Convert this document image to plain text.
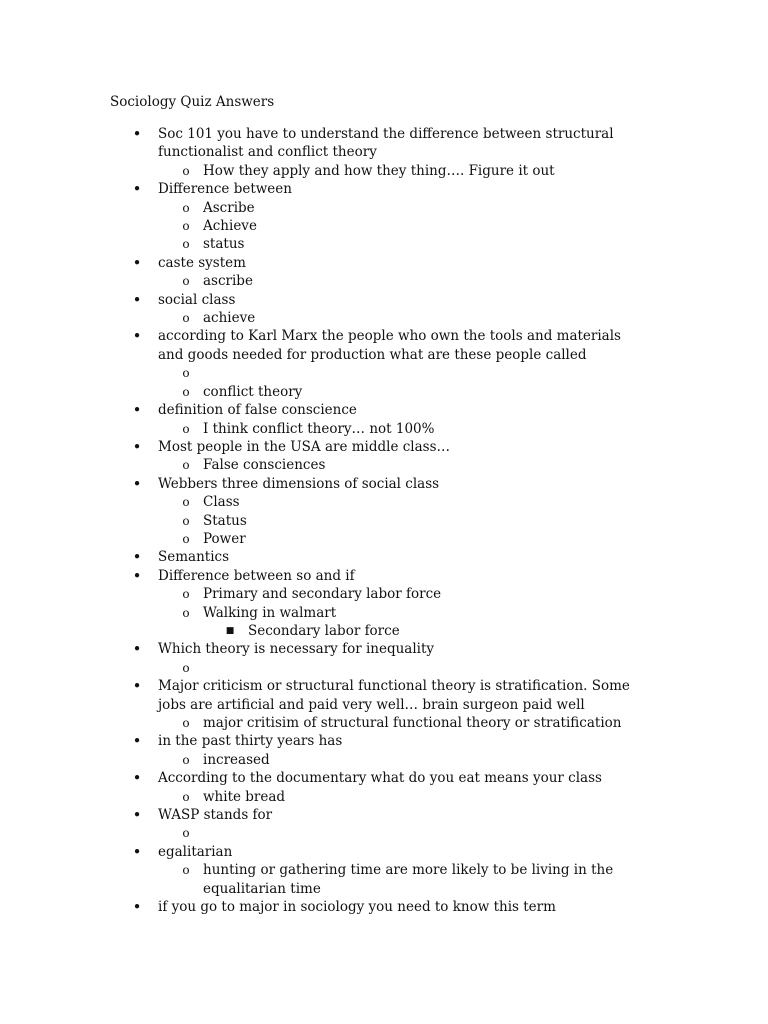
Sociology Quiz Answers
•	Soc 101 you have to understand the difference between structural functionalist and conflict theory
o How they apply and how they thing…. Figure it out
•	Difference between
o Ascribe
o Achieve
o status
•	caste system
o ascribe
•	social class
o achieve
•	according to Karl Marx the people who own the tools and materials and goods needed for production what are these people called
o

o conflict theory
•	definition of false conscience
o I think conflict theory… not 100%
•	Most people in the USA are middle class…
o False consciences
•	Webbers three dimensions of social class
o Class
o Status
o Power
•	Semantics
•	Difference between so and if
o Primary and secondary labor force
o Walking in walmart
■	Secondary labor force
•	Which theory is necessary for inequality
o

•	Major criticism or structural functional theory is stratification. Some jobs are artificial and paid very well… brain surgeon paid well
o major critisim of structural functional theory or stratification
•	in the past thirty years has
o increased
•	According to the documentary what do you eat means your class
o white bread
•	WASP stands for
o

•	egalitarian
o hunting or gathering time are more likely to be living in the equalitarian time
•	if you go to major in sociology you need to know this term
